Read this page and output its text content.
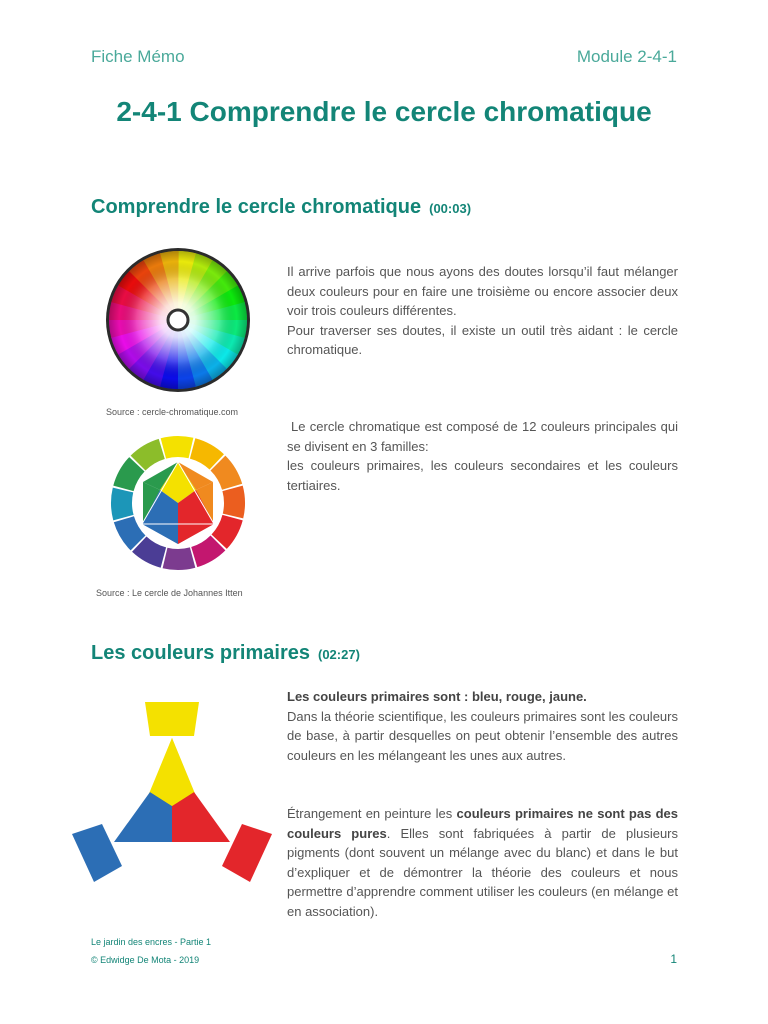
Fiche Mémo	Module 2-4-1
2-4-1 Comprendre le cercle chromatique
Comprendre le cercle chromatique (00:03)
Source : cercle-chromatique.com
Source : Le cercle de Johannes Itten

Il arrive parfois que nous ayons des doutes lorsqu’il faut mélanger deux couleurs pour en faire une troisième ou encore associer deux voir trois couleurs différentes.

Pour traverser ses doutes, il existe un outil très aidant : le cercle chromatique.

Le cercle chromatique est composé de 12 couleurs principales qui se divisent en 3 familles:

les couleurs primaires, les couleurs secondaires et les couleurs tertiaires.

Les couleurs primaires (02:27)

Les couleurs primaires sont : bleu, rouge, jaune.

Dans la théorie scientifique, les couleurs primaires sont les couleurs de base, à partir desquelles on peut obtenir l’ensemble des autres couleurs en les mélangeant les unes aux autres.

Étrangement en peinture les couleurs primaires ne sont pas des couleurs pures. Elles sont fabriquées à partir de plusieurs pigments (dont souvent un mélange avec du blanc) et dans le but d’expliquer et de démontrer la théorie des couleurs et nous permettre d’apprendre comment utiliser les couleurs (en mélange et en association).

Le jardin des encres - Partie 1
© Edwidge De Mota - 2019	1
